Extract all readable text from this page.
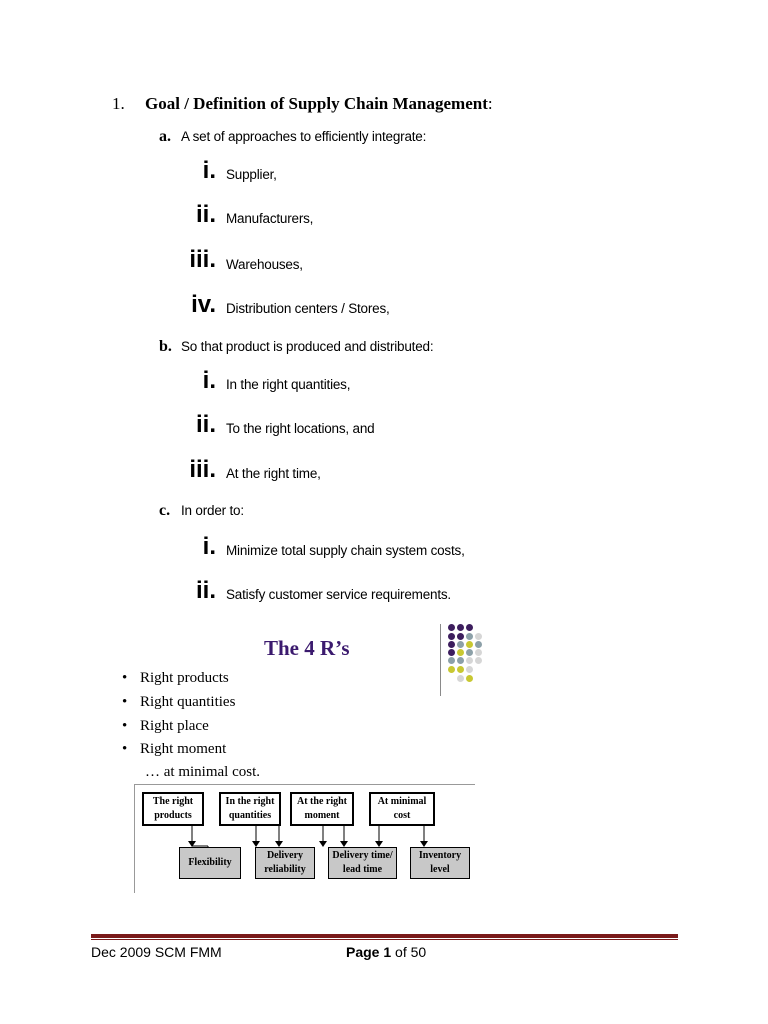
1. Goal / Definition of Supply Chain Management:
a. A set of approaches to efficiently integrate:
i. Supplier,
ii. Manufacturers,
iii. Warehouses,
iv. Distribution centers / Stores,
b. So that product is produced and distributed:
i. In the right quantities,
ii. To the right locations, and
iii. At the right time,
c. In order to:
i. Minimize total supply chain system costs,
ii. Satisfy customer service requirements.
The 4 R’s
• Right products
• Right quantities
• Right place
• Right moment
… at minimal cost.
The right products
In the right quantities
At the right moment
At minimal cost
Flexibility
Delivery reliability
Delivery time/ lead time
Inventory level
Dec 2009 SCM FMM	Page 1 of 50
